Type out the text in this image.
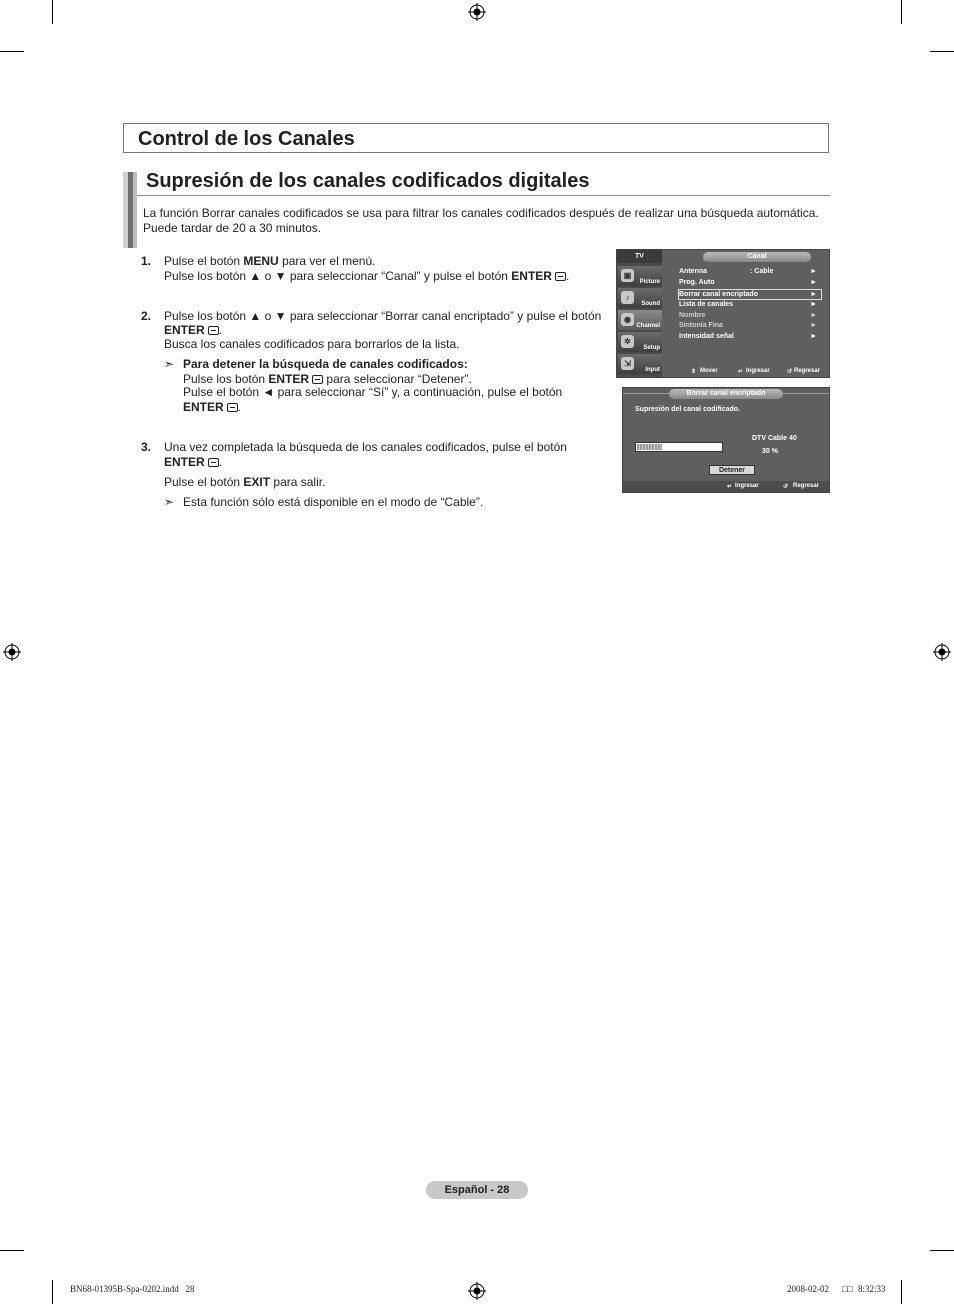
Control de los Canales
Supresión de los canales codificados digitales
La función Borrar canales codificados se usa para filtrar los canales codificados después de realizar una búsqueda automática.
Puede tardar de 20 a 30 minutos.
1. Pulse el botón MENU para ver el menú.
Pulse los botón ▲ o ▼ para seleccionar “Canal” y pulse el botón ENTER .
2. Pulse los botón ▲ o ▼ para seleccionar “Borrar canal encriptado” y pulse el botón
ENTER .
Busca los canales codificados para borrarlos de la lista.
➣ Para detener la búsqueda de canales codificados:
Pulse los botón ENTER para seleccionar “Detener”.
Pulse el botón ◄ para seleccionar “Sí” y, a continuación, pulse el botón
ENTER .
3. Una vez completada la búsqueda de los canales codificados, pulse el botón
ENTER .
Pulse el botón EXIT para salir.
➣ Esta función sólo está disponible en el modo de “Cable”.
TV	Canal
▣
Picture
♪
Sound
◉
Channel
✲
Setup
⇲
Input
Antenna	: Cable	►
Prog. Auto	►
Borrar canal encriptado	►
Lista de canales	►
Nombre	►
Sintonía Fina	►
Intensidad señal	►
⇕ Mover	↵ Ingresar	↺ Regresar
Borrar canal encriptado
Supresión del canal codificado.
DTV Cable 40
30 %
Detener
↵ Ingresar	↺ Regresar
Español - 28
BN68-01395B-Spa-0202.indd   28	2008-02-02 □□ 8:32:33
